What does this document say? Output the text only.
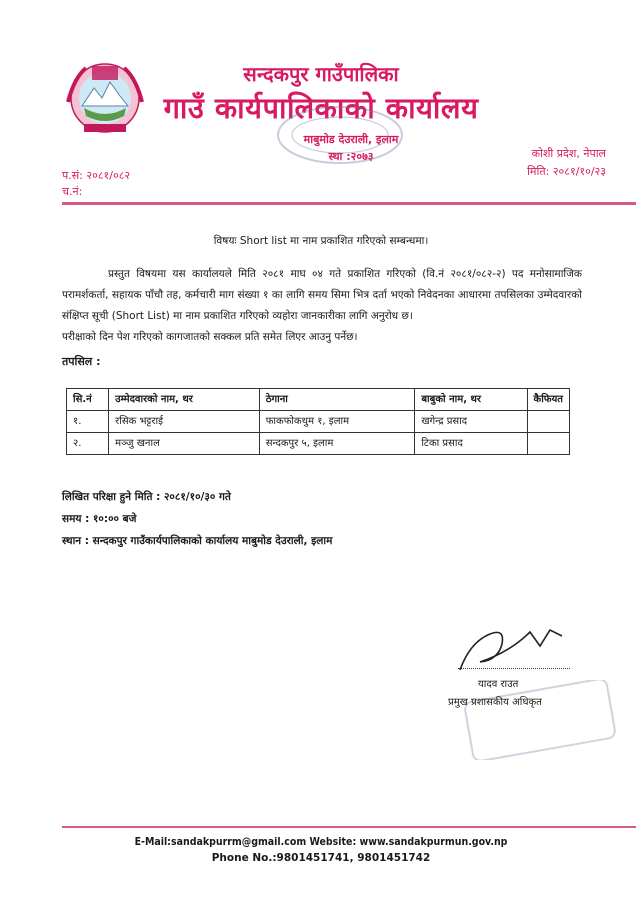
सन्दकपुर गाउँपालिका
गाउँ कार्यपालिकाको कार्यालय
माबुमोड देउराली, इलाम
स्था :२०७३	कोशी प्रदेश, नेपाल
मिति: २०८१/१०/२३
प.सं: २०८१/०८२
च.नं:
विषयः Short list मा नाम प्रकाशित गरिएको सम्बन्धमा।

प्रस्तुत विषयमा यस कार्यालयले मिति २०८१ माघ ०४ गते प्रकाशित गरिएको (वि.नं २०८१/०८२-२) पद मनोसामाजिक परामर्शकर्ता, सहायक पाँचौ तह, कर्मचारी माग संख्या १ का लागि समय सिमा भित्र दर्ता भएको निवेदनका आधारमा तपसिलका उम्मेदवारको संक्षिप्त सूची (Short List) मा नाम प्रकाशित गरिएको व्यहोरा जानकारीका लागि अनुरोध छ।

परीक्षाको दिन पेश गरिएको कागजातको सक्कल प्रति समेत लिएर आउनु पर्नेछ।

तपसिल :
सि.नं	उम्मेदवारको नाम, थर	ठेगाना	बाबुको नाम, थर	कैफियत
१.	रसिक भट्टराई	फाकफोकथुम १, इलाम	खगेन्द्र प्रसाद	
२.	मञ्जु खनाल	सन्दकपुर ५, इलाम	टिका प्रसाद	
लिखित परिक्षा हुने मिति : २०८१/१०/३० गते
समय : १०:०० बजे
स्थान : सन्दकपुर गाउँकार्यपालिकाको कार्यालय माबुमोड देउराली, इलाम
यादव राउत
प्रमुख प्रशासकीय अधिकृत
E-Mail:sandakpurrm@gmail.com Website: www.sandakpurmun.gov.np
Phone No.:9801451741, 9801451742
